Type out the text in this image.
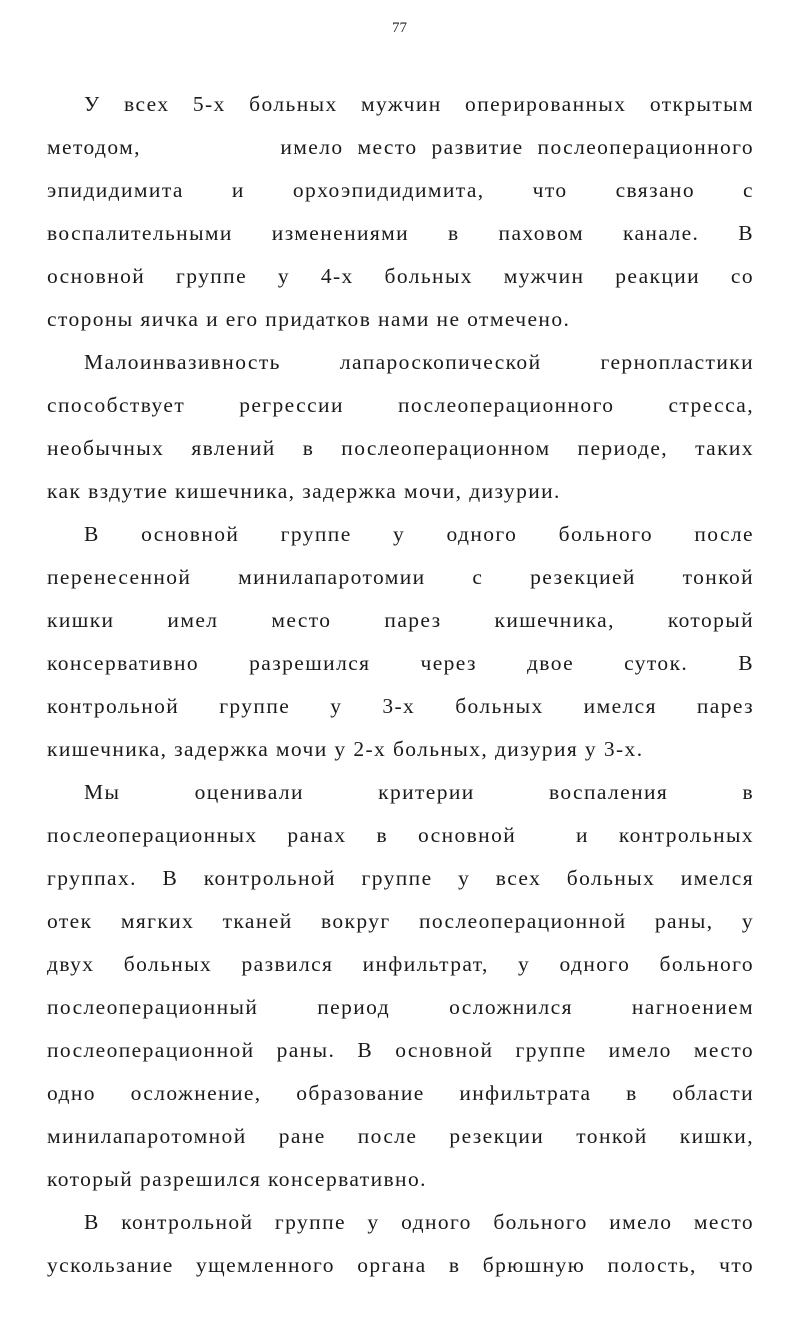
77
У всех 5-х больных мужчин оперированных открытым
методом,          имело место развитие послеоперационного
эпидидимита и орхоэпидидимита, что связано с
воспалительными изменениями в паховом канале. В
основной группе у 4-х больных мужчин реакции со
стороны яичка и его придатков нами не отмечено.
Малоинвазивность лапароскопической гернопластики
способствует регрессии послеоперационного стресса,
необычных явлений в послеоперационном периоде, таких
как вздутие кишечника, задержка мочи, дизурии.
В основной группе у одного больного после
перенесенной минилапаротомии с резекцией тонкой
кишки имел место парез кишечника, который
консервативно разрешился через двое суток. В
контрольной группе у 3-х больных имелся парез
кишечника, задержка мочи у 2-х больных, дизурия у 3-х.
Мы оценивали критерии воспаления в
послеоперационных ранах в основной  и контрольных
группах. В контрольной группе у всех больных имелся
отек мягких тканей вокруг послеоперационной раны, у
двух больных развился инфильтрат, у одного больного
послеоперационный период осложнился нагноением
послеоперационной раны. В основной группе имело место
одно осложнение, образование инфильтрата в области
минилапаротомной ране после резекции тонкой кишки,
который разрешился консервативно.
В контрольной группе у одного больного имело место
ускользание ущемленного органа в брюшную полость, что
